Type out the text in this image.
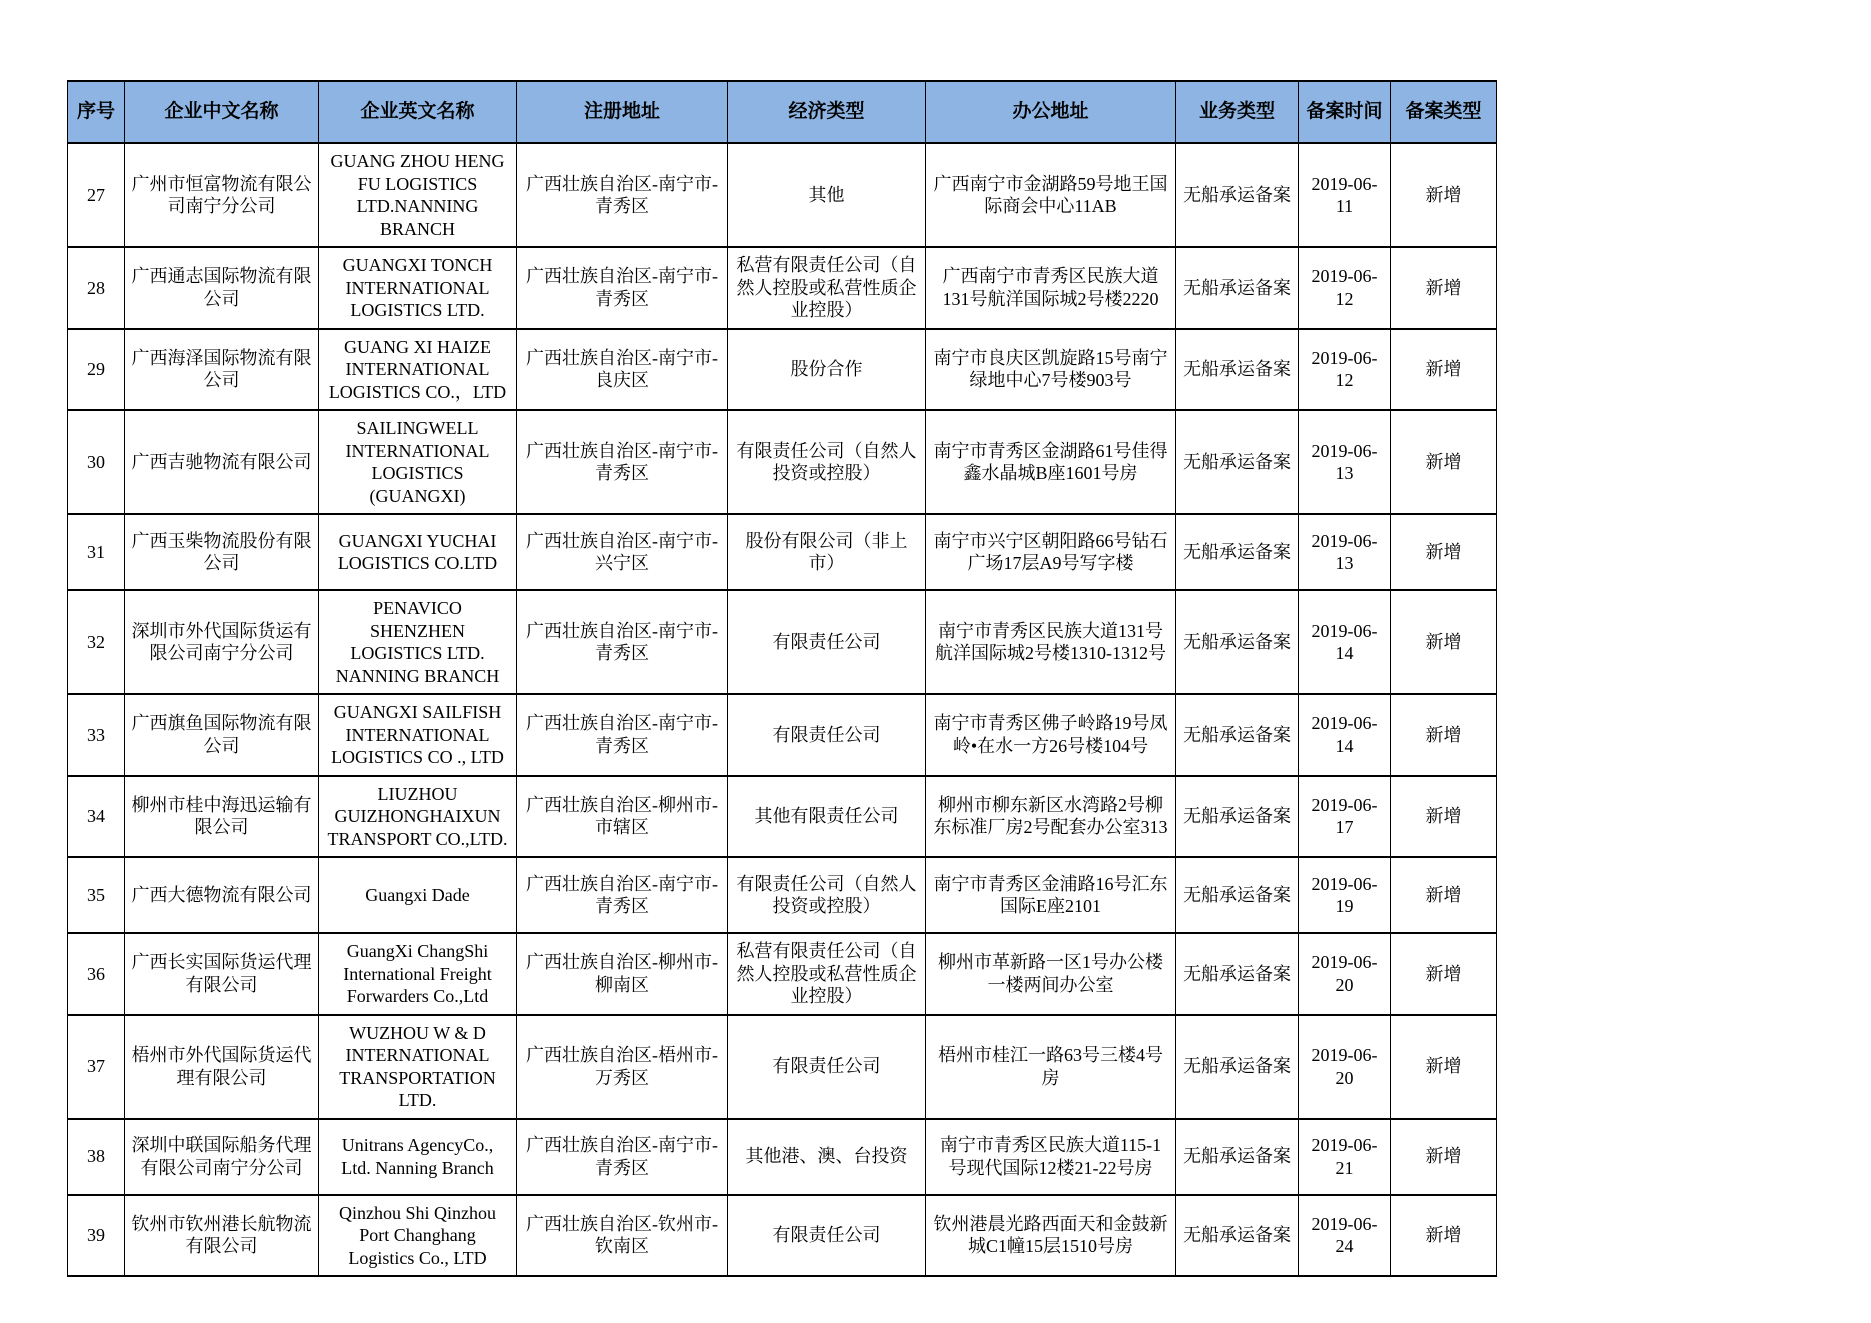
序号	企业中文名称	企业英文名称	注册地址	经济类型	办公地址	业务类型	备案时间	备案类型
27	广州市恒富物流有限公司南宁分公司	GUANG ZHOU HENG FU LOGISTICS LTD.NANNING BRANCH	广西壮族自治区-南宁市-青秀区	其他	广西南宁市金湖路59号地王国际商会中心11AB	无船承运备案	2019-06-11	新增
28	广西通志国际物流有限公司	GUANGXI TONCH INTERNATIONAL LOGISTICS LTD.	广西壮族自治区-南宁市-青秀区	私营有限责任公司（自然人控股或私营性质企业控股）	广西南宁市青秀区民族大道131号航洋国际城2号楼2220	无船承运备案	2019-06-12	新增
29	广西海泽国际物流有限公司	GUANG XI HAIZE INTERNATIONAL LOGISTICS CO.，LTD	广西壮族自治区-南宁市-良庆区	股份合作	南宁市良庆区凯旋路15号南宁绿地中心7号楼903号	无船承运备案	2019-06-12	新增
30	广西吉驰物流有限公司	SAILINGWELL INTERNATIONAL LOGISTICS (GUANGXI)	广西壮族自治区-南宁市-青秀区	有限责任公司（自然人投资或控股）	南宁市青秀区金湖路61号佳得鑫水晶城B座1601号房	无船承运备案	2019-06-13	新增
31	广西玉柴物流股份有限公司	GUANGXI YUCHAI LOGISTICS CO.LTD	广西壮族自治区-南宁市-兴宁区	股份有限公司（非上市）	南宁市兴宁区朝阳路66号钻石广场17层A9号写字楼	无船承运备案	2019-06-13	新增
32	深圳市外代国际货运有限公司南宁分公司	PENAVICO SHENZHEN LOGISTICS LTD. NANNING BRANCH	广西壮族自治区-南宁市-青秀区	有限责任公司	南宁市青秀区民族大道131号航洋国际城2号楼1310-1312号	无船承运备案	2019-06-14	新增
33	广西旗鱼国际物流有限公司	GUANGXI SAILFISH INTERNATIONAL LOGISTICS CO ., LTD	广西壮族自治区-南宁市-青秀区	有限责任公司	南宁市青秀区佛子岭路19号凤岭•在水一方26号楼104号	无船承运备案	2019-06-14	新增
34	柳州市桂中海迅运输有限公司	LIUZHOU GUIZHONGHAIXUN TRANSPORT CO.,LTD.	广西壮族自治区-柳州市-市辖区	其他有限责任公司	柳州市柳东新区水湾路2号柳东标准厂房2号配套办公室313	无船承运备案	2019-06-17	新增
35	广西大德物流有限公司	Guangxi Dade	广西壮族自治区-南宁市-青秀区	有限责任公司（自然人投资或控股）	南宁市青秀区金浦路16号汇东国际E座2101	无船承运备案	2019-06-19	新增
36	广西长实国际货运代理有限公司	GuangXi ChangShi International Freight Forwarders Co.,Ltd	广西壮族自治区-柳州市-柳南区	私营有限责任公司（自然人控股或私营性质企业控股）	柳州市革新路一区1号办公楼一楼两间办公室	无船承运备案	2019-06-20	新增
37	梧州市外代国际货运代理有限公司	WUZHOU W & D INTERNATIONAL TRANSPORTATION LTD.	广西壮族自治区-梧州市-万秀区	有限责任公司	梧州市桂江一路63号三楼4号房	无船承运备案	2019-06-20	新增
38	深圳中联国际船务代理有限公司南宁分公司	Unitrans AgencyCo., Ltd. Nanning Branch	广西壮族自治区-南宁市-青秀区	其他港、澳、台投资	南宁市青秀区民族大道115-1号现代国际12楼21-22号房	无船承运备案	2019-06-21	新增
39	钦州市钦州港长航物流有限公司	Qinzhou Shi Qinzhou Port Changhang Logistics Co., LTD	广西壮族自治区-钦州市-钦南区	有限责任公司	钦州港晨光路西面天和金鼓新城C1幢15层1510号房	无船承运备案	2019-06-24	新增
